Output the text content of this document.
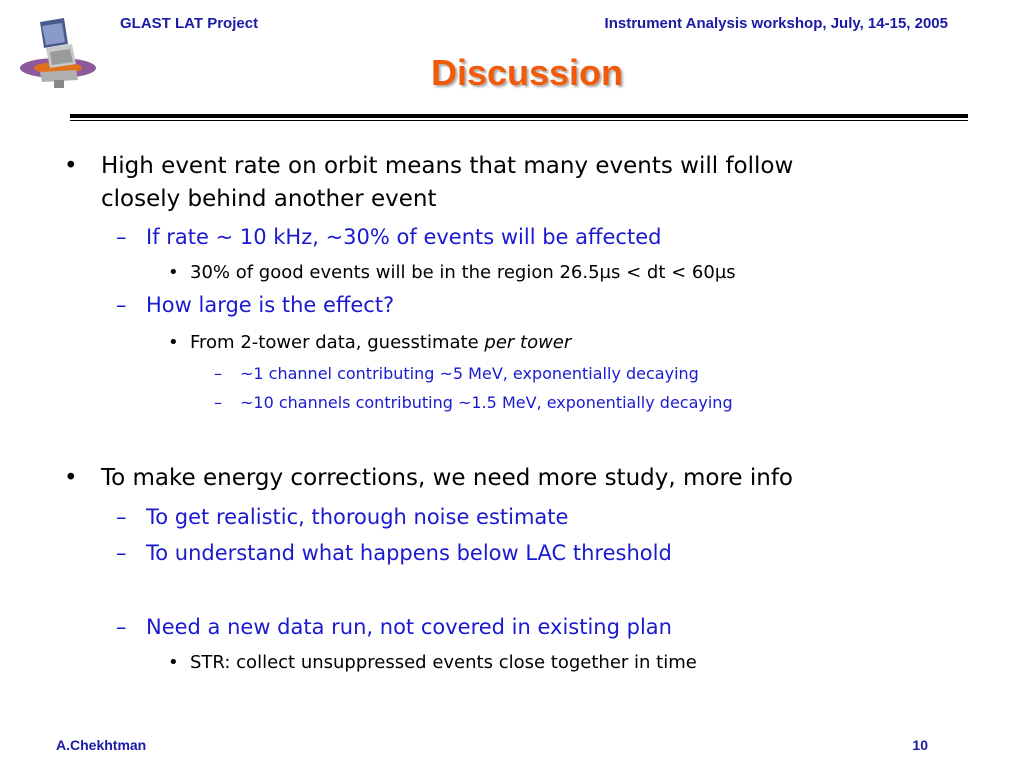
GLAST LAT Project	Instrument Analysis workshop, July, 14-15, 2005
Discussion
• High event rate on orbit means that many events will follow
closely behind another event
– If rate ~ 10 kHz, ~30% of events will be affected
• 30% of good events will be in the region 26.5µs < dt < 60µs
– How large is the effect?
• From 2-tower data, guesstimate per tower
– ~1 channel contributing ~5 MeV, exponentially decaying
– ~10 channels contributing ~1.5 MeV, exponentially decaying
• To make energy corrections, we need more study, more info
– To get realistic, thorough noise estimate
– To understand what happens below LAC threshold
– Need a new data run, not covered in existing plan
• STR: collect unsuppressed events close together in time
A.Chekhtman	10
